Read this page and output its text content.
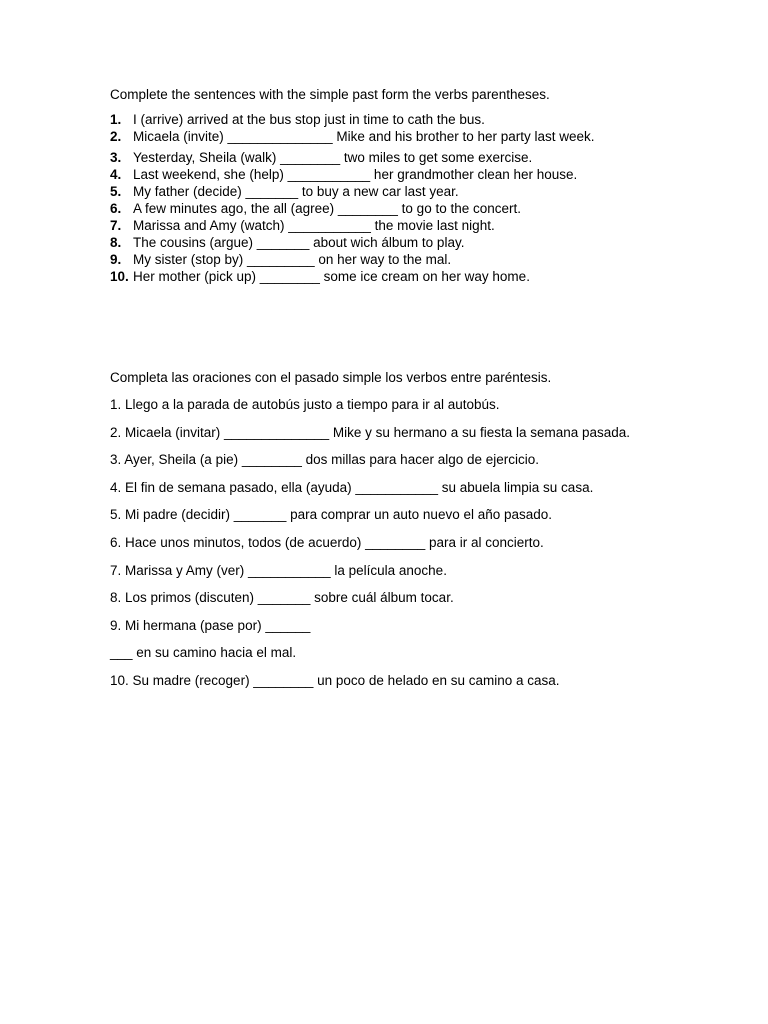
Complete the sentences with the simple past form the verbs parentheses.

1. I (arrive) arrived at the bus stop just in time to cath the bus.
2. Micaela (invite) ______________ Mike and his brother to her party last week.
3. Yesterday, Sheila (walk) ________ two miles to get some exercise.
4. Last weekend, she (help) ___________ her grandmother clean her house.
5. My father (decide) _______ to buy a new car last year.
6. A few minutes ago, the all (agree) ________ to go to the concert.
7. Marissa and Amy (watch) ___________ the movie last night.
8. The cousins (argue) _______ about wich álbum to play.
9. My sister (stop by) _________ on her way to the mal.
10. Her mother (pick up) ________ some ice cream on her way home.

Completa las oraciones con el pasado simple los verbos entre paréntesis.

1. Llego a la parada de autobús justo a tiempo para ir al autobús.
2. Micaela (invitar) ______________ Mike y su hermano a su fiesta la semana pasada.
3. Ayer, Sheila (a pie) ________ dos millas para hacer algo de ejercicio.
4. El fin de semana pasado, ella (ayuda) ___________ su abuela limpia su casa.
5. Mi padre (decidir) _______ para comprar un auto nuevo el año pasado.
6. Hace unos minutos, todos (de acuerdo) ________ para ir al concierto.
7. Marissa y Amy (ver) ___________ la película anoche.
8. Los primos (discuten) _______ sobre cuál álbum tocar.
9. Mi hermana (pase por) ______
___ en su camino hacia el mal.
10. Su madre (recoger) ________ un poco de helado en su camino a casa.
